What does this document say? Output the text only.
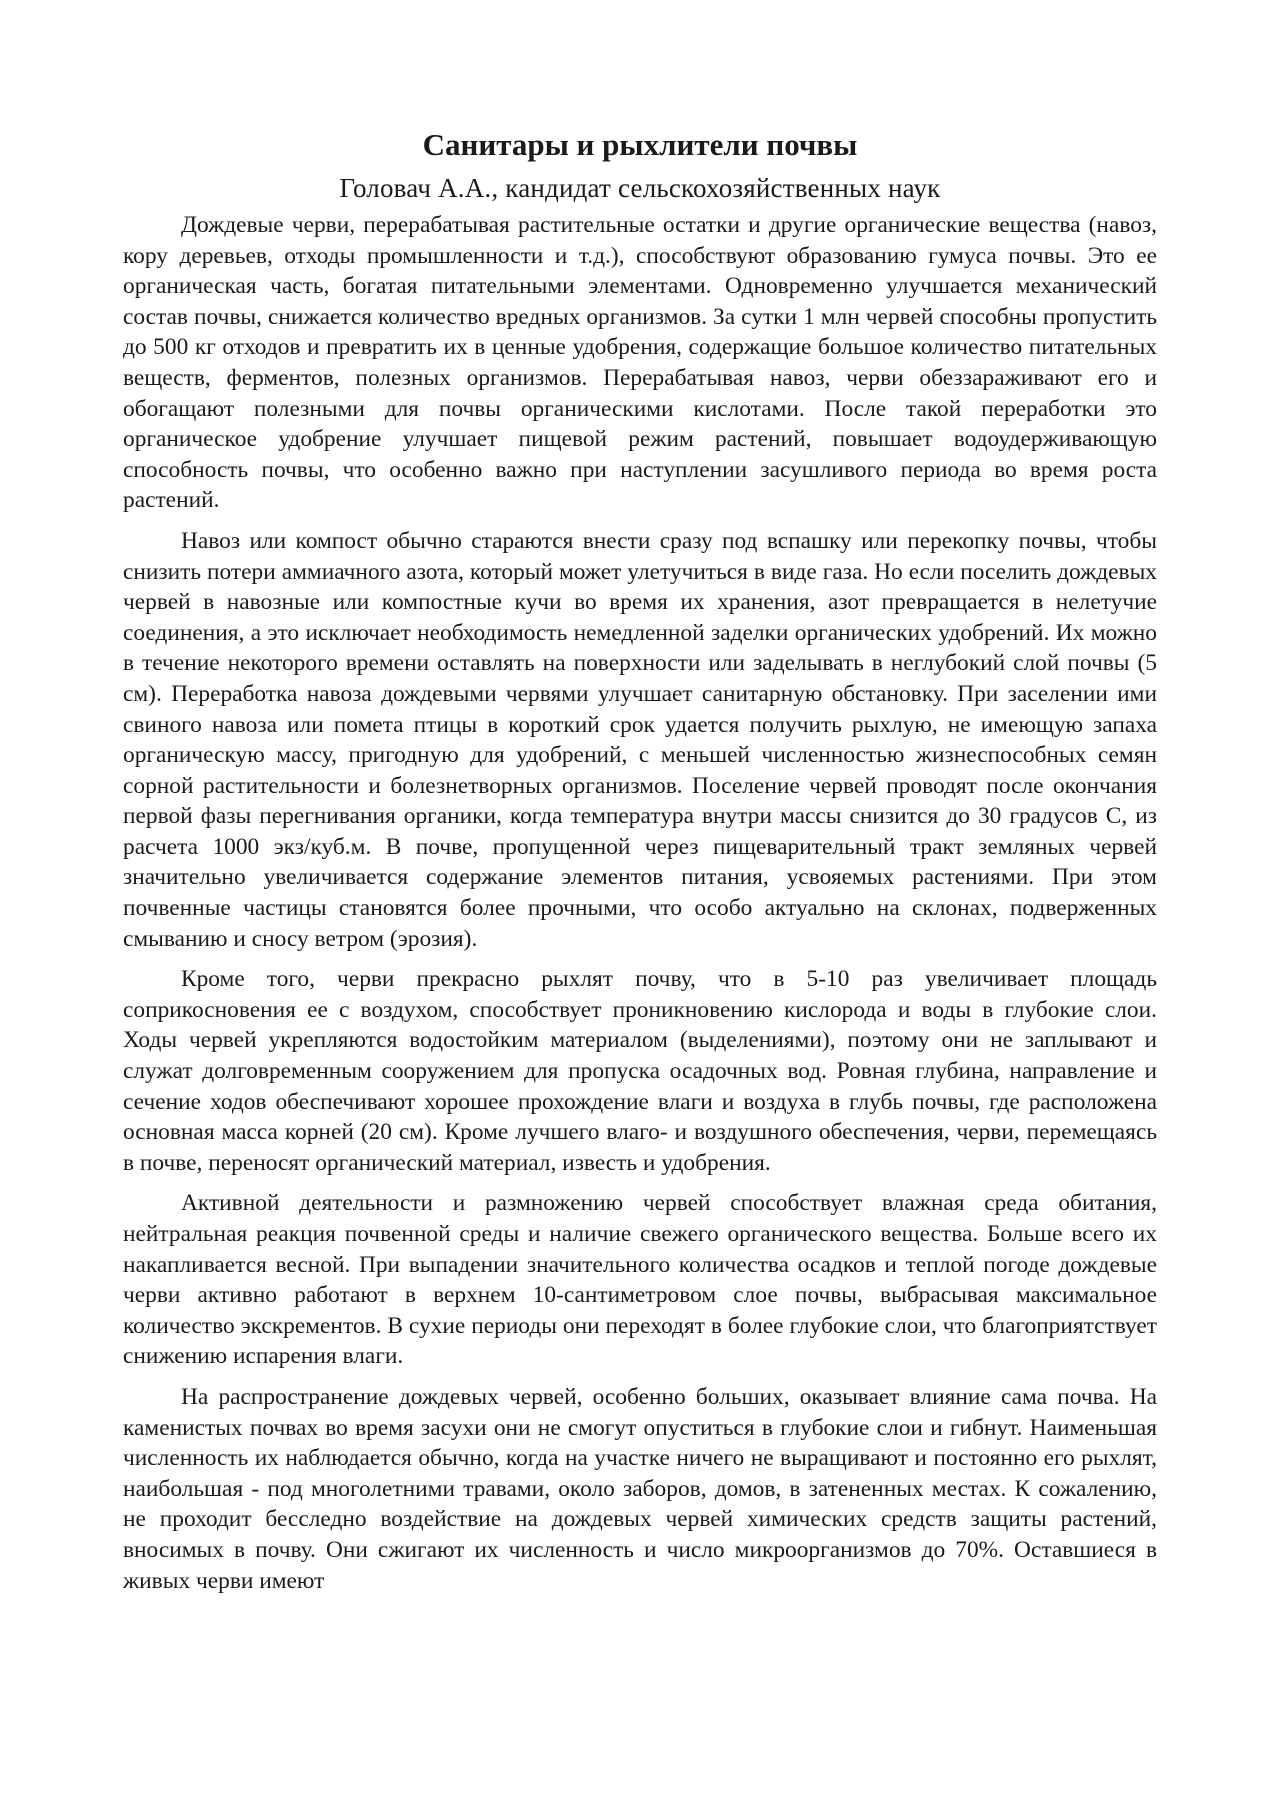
Санитары и рыхлители почвы

Головач А.А., кандидат сельскохозяйственных наук

Дождевые черви, перерабатывая растительные остатки и другие органические вещества (навоз, кору деревьев, отходы промышленности и т.д.), способствуют образованию гумуса почвы. Это ее органическая часть, богатая питательными элементами. Одновременно улучшается механический состав почвы, снижается количество вредных организмов. За сутки 1 млн червей способны пропустить до 500 кг отходов и превратить их в ценные удобрения, содержащие большое количество питательных веществ, ферментов, полезных организмов. Перерабатывая навоз, черви обеззараживают его и обогащают полезными для почвы органическими кислотами. После такой переработки это органическое удобрение улучшает пищевой режим растений, повышает водоудерживающую способность почвы, что особенно важно при наступлении засушливого периода во время роста растений.

Навоз или компост обычно стараются внести сразу под вспашку или перекопку почвы, чтобы снизить потери аммиачного азота, который может улетучиться в виде газа. Но если поселить дождевых червей в навозные или компостные кучи во время их хранения, азот превращается в нелетучие соединения, а это исключает необходимость немедленной заделки органических удобрений. Их можно в течение некоторого времени оставлять на поверхности или заделывать в неглубокий слой почвы (5 см). Переработка навоза дождевыми червями улучшает санитарную обстановку. При заселении ими свиного навоза или помета птицы в короткий срок удается получить рыхлую, не имеющую запаха органическую массу, пригодную для удобрений, с меньшей численностью жизнеспособных семян сорной растительности и болезнетворных организмов. Поселение червей проводят после окончания первой фазы перегнивания органики, когда температура внутри массы снизится до 30 градусов С, из расчета 1000 экз/куб.м. В почве, пропущенной через пищеварительный тракт земляных червей значительно увеличивается содержание элементов питания, усвояемых растениями. При этом почвенные частицы становятся более прочными, что особо актуально на склонах, подверженных смыванию и сносу ветром (эрозия).

Кроме того, черви прекрасно рыхлят почву, что в 5-10 раз увеличивает площадь соприкосновения ее с воздухом, способствует проникновению кислорода и воды в глубокие слои. Ходы червей укрепляются водостойким материалом (выделениями), поэтому они не заплывают и служат долговременным сооружением для пропуска осадочных вод. Ровная глубина, направление и сечение ходов обеспечивают хорошее прохождение влаги и воздуха в глубь почвы, где расположена основная масса корней (20 см). Кроме лучшего влаго- и воздушного обеспечения, черви, перемещаясь в почве, переносят органический материал, известь и удобрения.

Активной деятельности и размножению червей способствует влажная среда обитания, нейтральная реакция почвенной среды и наличие свежего органического вещества. Больше всего их накапливается весной. При выпадении значительного количества осадков и теплой погоде дождевые черви активно работают в верхнем 10-сантиметровом слое почвы, выбрасывая максимальное количество экскрементов. В сухие периоды они переходят в более глубокие слои, что благоприятствует снижению испарения влаги.

На распространение дождевых червей, особенно больших, оказывает влияние сама почва. На каменистых почвах во время засухи они не смогут опуститься в глубокие слои и гибнут. Наименьшая численность их наблюдается обычно, когда на участке ничего не выращивают и постоянно его рыхлят, наибольшая - под многолетними травами, около заборов, домов, в затененных местах. К сожалению, не проходит бесследно воздействие на дождевых червей химических средств защиты растений, вносимых в почву. Они сжигают их численность и число микроорганизмов до 70%. Оставшиеся в живых черви имеют
